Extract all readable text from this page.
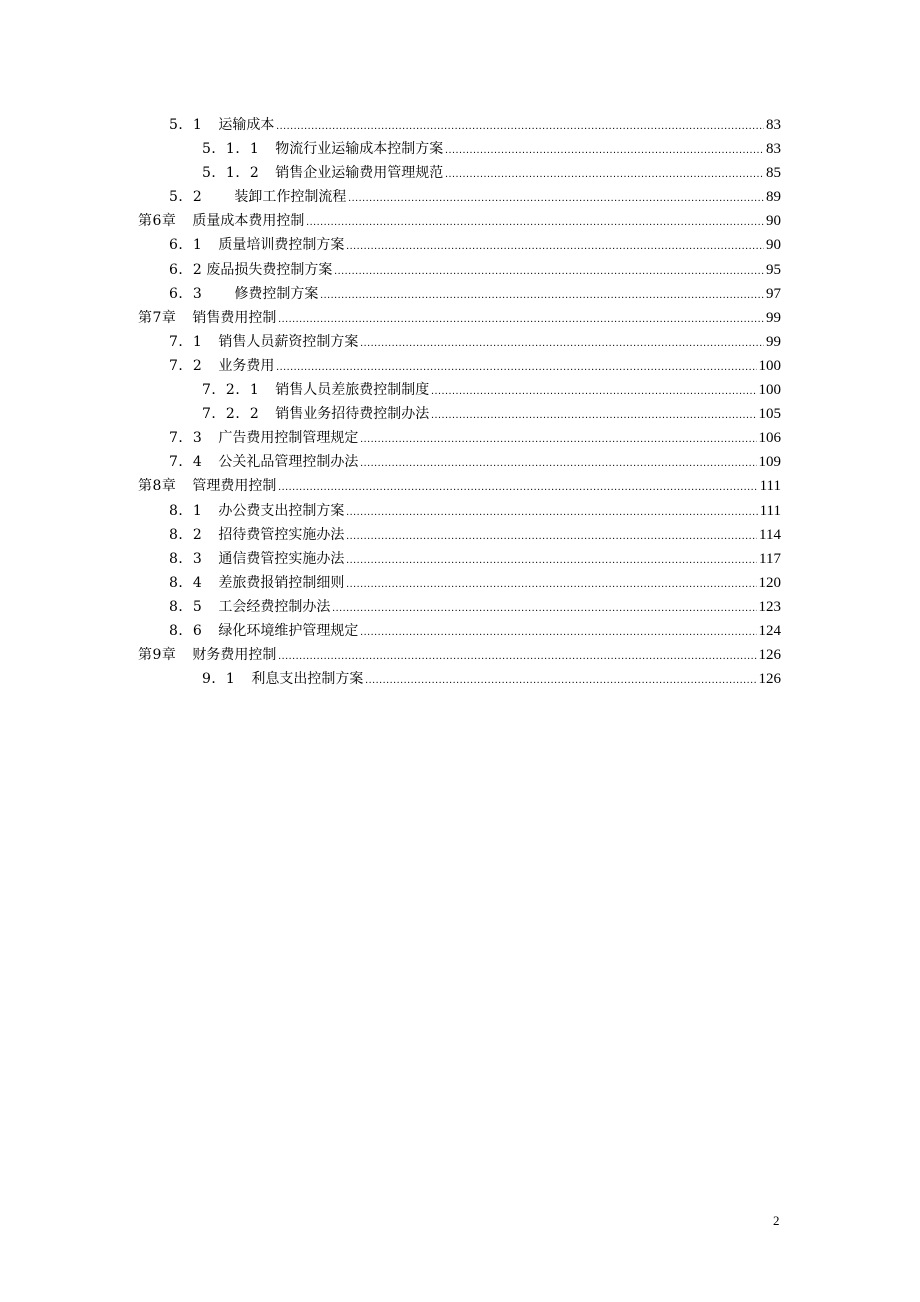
5．1 运输成本 .....	83
5．1．1 物流行业运输成本控制方案 .....	83
5．1．2 销售企业运输费用管理规范 .....	85
5．2 装卸工作控制流程 .....	89
第6章 质量成本费用控制 .....	90
6．1 质量培训费控制方案 .....	90
6．2 废品损失费控制方案 .....	95
6．3 修费控制方案 .....	97
第7章 销售费用控制 .....	99
7．1 销售人员薪资控制方案 .....	99
7．2 业务费用 .....	100
7．2．1 销售人员差旅费控制制度 .....	100
7．2．2 销售业务招待费控制办法 .....	105
7．3 广告费用控制管理规定 .....	106
7．4 公关礼品管理控制办法 .....	109
第8章 管理费用控制 .....	111
8．1 办公费支出控制方案 .....	111
8．2 招待费管控实施办法 .....	114
8．3 通信费管控实施办法 .....	117
8．4 差旅费报销控制细则 .....	120
8．5 工会经费控制办法 .....	123
8．6 绿化环境维护管理规定 .....	124
第9章 财务费用控制 .....	126
9．1 利息支出控制方案 .....	126
2
